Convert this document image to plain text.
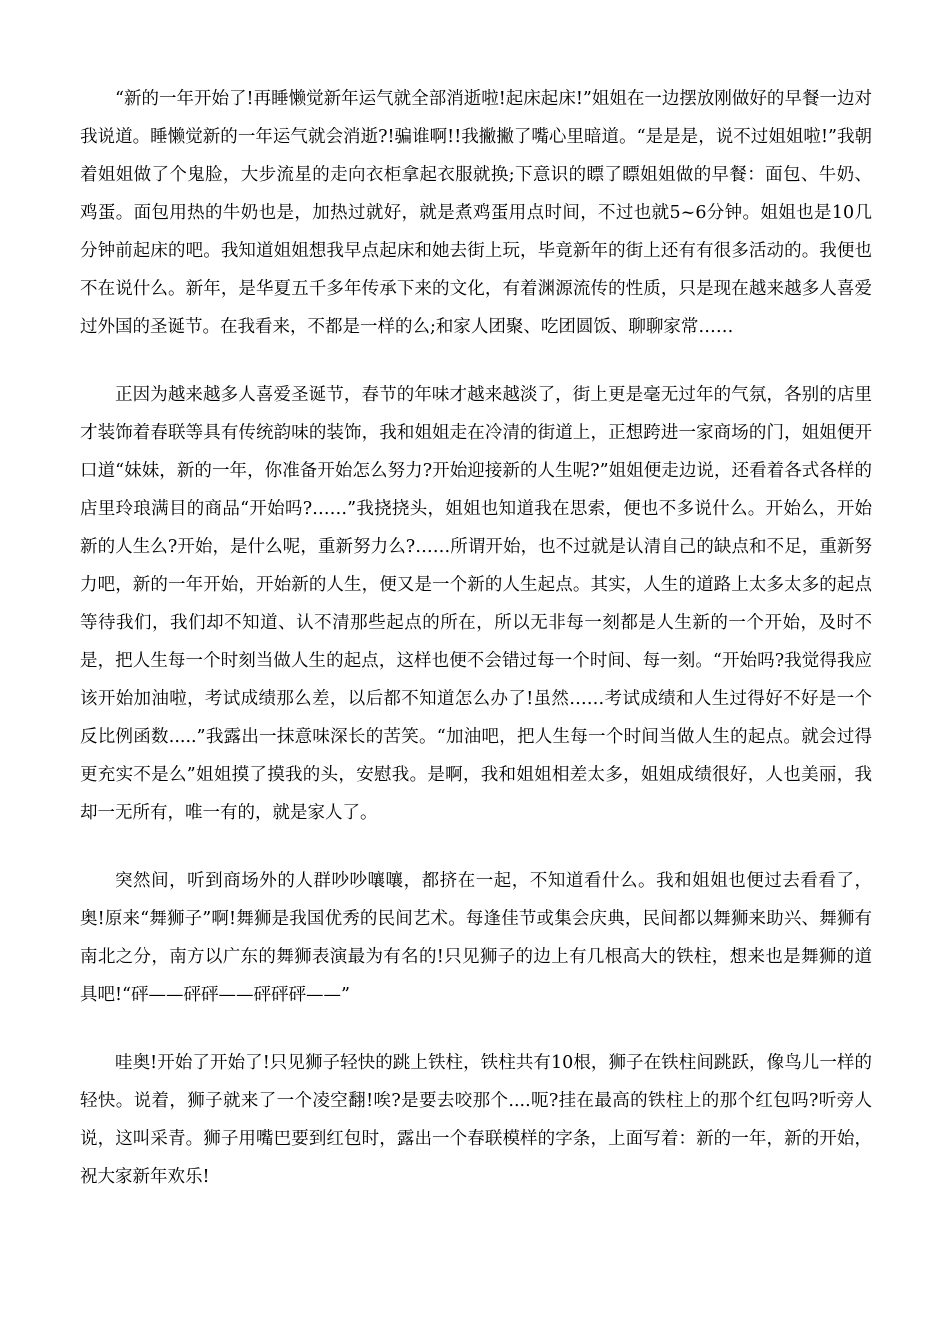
“新的一年开始了!再睡懒觉新年运气就全部消逝啦!起床起床!”姐姐在一边摆放刚做好的早餐一边对我说道。睡懒觉新的一年运气就会消逝?!骗谁啊!!我撇撇了嘴心里暗道。“是是是，说不过姐姐啦!”我朝着姐姐做了个鬼脸，大步流星的走向衣柜拿起衣服就换;下意识的瞟了瞟姐姐做的早餐：面包、牛奶、鸡蛋。面包用热的牛奶也是，加热过就好，就是煮鸡蛋用点时间，不过也就5~6分钟。姐姐也是10几分钟前起床的吧。我知道姐姐想我早点起床和她去街上玩，毕竟新年的街上还有有很多活动的。我便也不在说什么。新年，是华夏五千多年传承下来的文化，有着渊源流传的性质，只是现在越来越多人喜爱过外国的圣诞节。在我看来，不都是一样的么;和家人团聚、吃团圆饭、聊聊家常……

正因为越来越多人喜爱圣诞节，春节的年味才越来越淡了，街上更是毫无过年的气氛，各别的店里才装饰着春联等具有传统韵味的装饰，我和姐姐走在冷清的街道上，正想跨进一家商场的门，姐姐便开口道“妹妹，新的一年，你准备开始怎么努力?开始迎接新的人生呢?”姐姐便走边说，还看着各式各样的店里玲琅满目的商品“开始吗?……”我挠挠头，姐姐也知道我在思索，便也不多说什么。开始么，开始新的人生么?开始，是什么呢，重新努力么?……所谓开始，也不过就是认清自己的缺点和不足，重新努力吧，新的一年开始，开始新的人生，便又是一个新的人生起点。其实，人生的道路上太多太多的起点等待我们，我们却不知道、认不清那些起点的所在，所以无非每一刻都是人生新的一个开始，及时不是，把人生每一个时刻当做人生的起点，这样也便不会错过每一个时间、每一刻。“开始吗?我觉得我应该开始加油啦，考试成绩那么差，以后都不知道怎么办了!虽然……考试成绩和人生过得好不好是一个反比例函数.....”我露出一抹意味深长的苦笑。“加油吧，把人生每一个时间当做人生的起点。就会过得更充实不是么”姐姐摸了摸我的头，安慰我。是啊，我和姐姐相差太多，姐姐成绩很好，人也美丽，我却一无所有，唯一有的，就是家人了。

突然间，听到商场外的人群吵吵嚷嚷，都挤在一起，不知道看什么。我和姐姐也便过去看看了，奥!原来“舞狮子”啊!舞狮是我国优秀的民间艺术。每逢佳节或集会庆典，民间都以舞狮来助兴、舞狮有南北之分，南方以广东的舞狮表演最为有名的!只见狮子的边上有几根高大的铁柱，想来也是舞狮的道具吧!“砰——砰砰——砰砰砰——”

哇奥!开始了开始了!只见狮子轻快的跳上铁柱，铁柱共有10根，狮子在铁柱间跳跃，像鸟儿一样的轻快。说着，狮子就来了一个凌空翻!唉?是要去咬那个....呃?挂在最高的铁柱上的那个红包吗?听旁人说，这叫采青。狮子用嘴巴要到红包时，露出一个春联模样的字条，上面写着：新的一年，新的开始，祝大家新年欢乐!
